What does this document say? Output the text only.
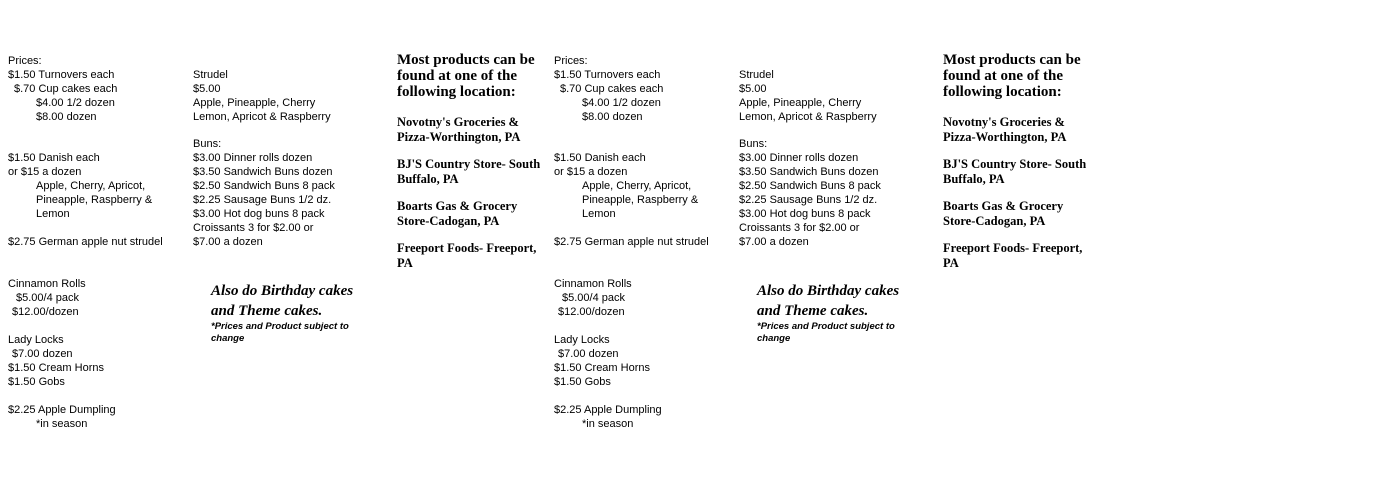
Prices:
$1.50 Turnovers each
$.70 Cup cakes each
$4.00 1/2 dozen
$8.00 dozen
$1.50 Danish each
or $15 a dozen
Apple, Cherry, Apricot,
Pineapple, Raspberry &
Lemon
$2.75 German apple nut strudel
Cinnamon Rolls
$5.00/4 pack
$12.00/dozen
Lady Locks
$7.00 dozen
$1.50 Cream Horns
$1.50 Gobs
$2.25 Apple Dumpling
*in season
Strudel
$5.00
Apple, Pineapple, Cherry
Lemon, Apricot & Raspberry
Buns:
$3.00 Dinner rolls dozen
$3.50 Sandwich Buns dozen
$2.50 Sandwich Buns 8 pack
$2.25 Sausage Buns 1/2 dz.
$3.00 Hot dog buns 8 pack
Croissants 3 for $2.00 or
$7.00 a dozen
Also do Birthday cakes
and Theme cakes.
*Prices and Product subject to
change
Most products can be
found at one of the
following location:
Novotny's Groceries &
Pizza-Worthington, PA
BJ'S Country Store- South
Buffalo, PA
Boarts Gas & Grocery
Store-Cadogan, PA
Freeport Foods- Freeport,
PA
Prices:
$1.50 Turnovers each
$.70 Cup cakes each
$4.00 1/2 dozen
$8.00 dozen
$1.50 Danish each
or $15 a dozen
Apple, Cherry, Apricot,
Pineapple, Raspberry &
Lemon
$2.75 German apple nut strudel
Cinnamon Rolls
$5.00/4 pack
$12.00/dozen
Lady Locks
$7.00 dozen
$1.50 Cream Horns
$1.50 Gobs
$2.25 Apple Dumpling
*in season
Strudel
$5.00
Apple, Pineapple, Cherry
Lemon, Apricot & Raspberry
Buns:
$3.00 Dinner rolls dozen
$3.50 Sandwich Buns dozen
$2.50 Sandwich Buns 8 pack
$2.25 Sausage Buns 1/2 dz.
$3.00 Hot dog buns 8 pack
Croissants 3 for $2.00 or
$7.00 a dozen
Also do Birthday cakes
and Theme cakes.
*Prices and Product subject to
change
Most products can be
found at one of the
following location:
Novotny's Groceries &
Pizza-Worthington, PA
BJ'S Country Store- South
Buffalo, PA
Boarts Gas & Grocery
Store-Cadogan, PA
Freeport Foods- Freeport,
PA
